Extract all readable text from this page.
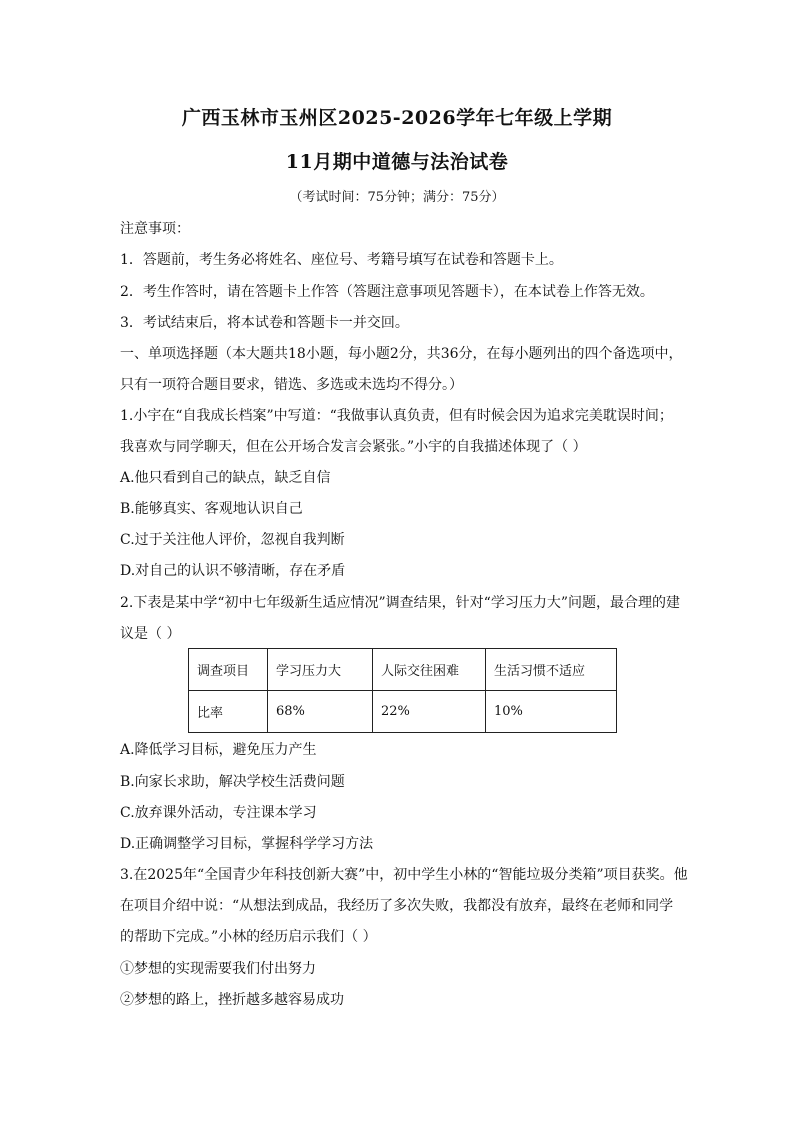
广西玉林市玉州区2025-2026学年七年级上学期
11月期中道德与法治试卷
（考试时间：75分钟；满分：75分）
注意事项：
1．答题前，考生务必将姓名、座位号、考籍号填写在试卷和答题卡上。
2．考生作答时，请在答题卡上作答（答题注意事项见答题卡），在本试卷上作答无效。
3．考试结束后，将本试卷和答题卡一并交回。
一、单项选择题（本大题共18小题，每小题2分，共36分，在每小题列出的四个备选项中，
只有一项符合题目要求，错选、多选或未选均不得分。）
1.小宇在“自我成长档案”中写道：“我做事认真负责，但有时候会因为追求完美耽误时间；
我喜欢与同学聊天，但在公开场合发言会紧张。”小宇的自我描述体现了（ ）
A.他只看到自己的缺点，缺乏自信
B.能够真实、客观地认识自己
C.过于关注他人评价，忽视自我判断
D.对自己的认识不够清晰，存在矛盾
2.下表是某中学“初中七年级新生适应情况”调查结果，针对“学习压力大”问题，最合理的建
议是（ ）
调查项目	学习压力大	人际交往困难	生活习惯不适应
比率	68%	22%	10%
A.降低学习目标，避免压力产生
B.向家长求助，解决学校生活费问题
C.放弃课外活动，专注课本学习
D.正确调整学习目标，掌握科学学习方法
3.在2025年“全国青少年科技创新大赛”中，初中学生小林的“智能垃圾分类箱”项目获奖。他
在项目介绍中说：“从想法到成品，我经历了多次失败，我都没有放弃，最终在老师和同学
的帮助下完成。”小林的经历启示我们（ ）
①梦想的实现需要我们付出努力
②梦想的路上，挫折越多越容易成功
